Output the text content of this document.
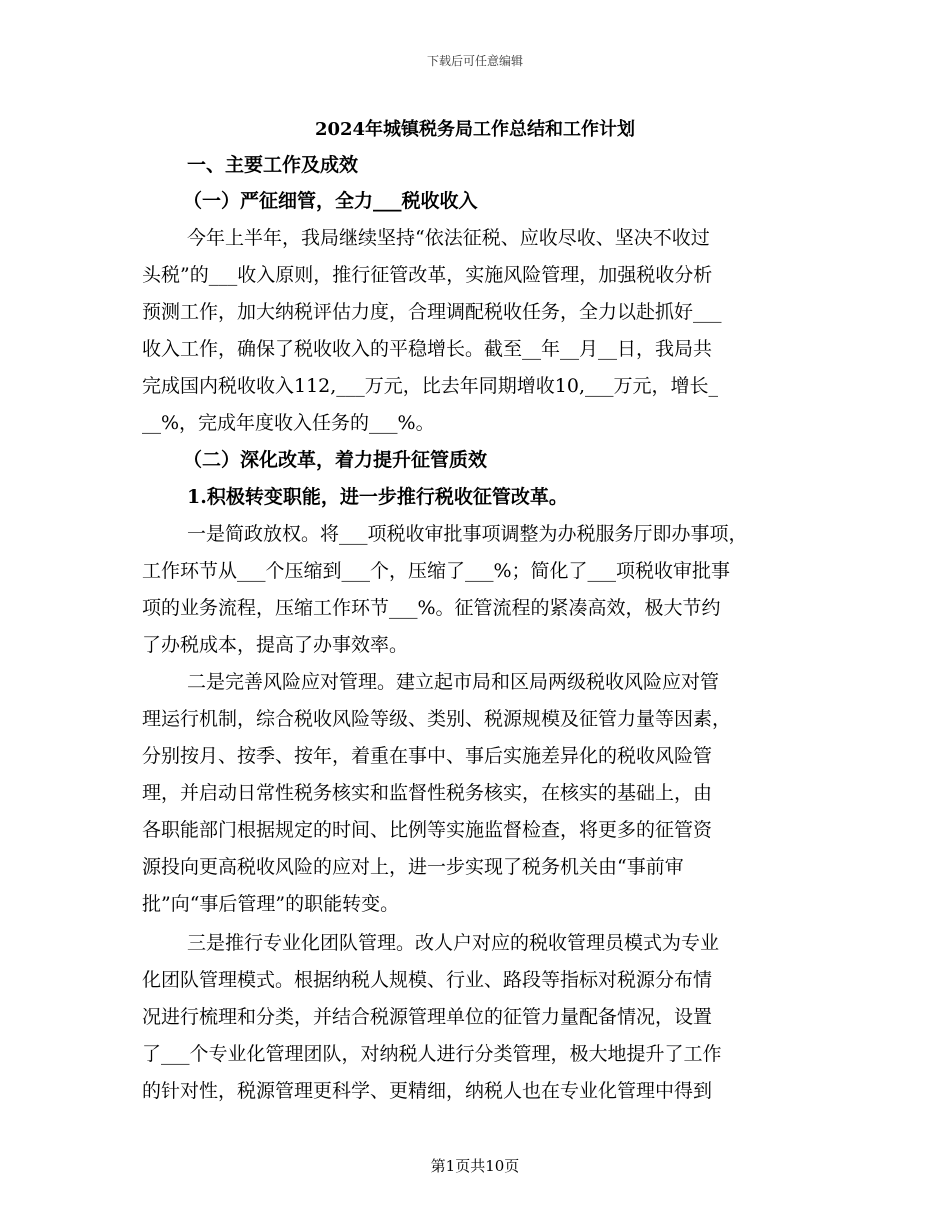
下载后可任意编辑
2024年城镇税务局工作总结和工作计划
一、主要工作及成效
（一）严征细管，全力___税收收入
今年上半年，我局继续坚持“依法征税、应收尽收、坚决不收过
头税”的___收入原则，推行征管改革，实施风险管理，加强税收分析
预测工作，加大纳税评估力度，合理调配税收任务，全力以赴抓好___
收入工作，确保了税收收入的平稳增长。截至__年__月__日，我局共
完成国内税收收入112,___万元，比去年同期增收10,___万元，增长_
__%，完成年度收入任务的___%。
（二）深化改革，着力提升征管质效
1.积极转变职能，进一步推行税收征管改革。
一是简政放权。将___项税收审批事项调整为办税服务厅即办事项，
工作环节从___个压缩到___个，压缩了___%；简化了___项税收审批事
项的业务流程，压缩工作环节___%。征管流程的紧凑高效，极大节约
了办税成本，提高了办事效率。
二是完善风险应对管理。建立起市局和区局两级税收风险应对管
理运行机制，综合税收风险等级、类别、税源规模及征管力量等因素，
分别按月、按季、按年，着重在事中、事后实施差异化的税收风险管
理，并启动日常性税务核实和监督性税务核实，在核实的基础上，由
各职能部门根据规定的时间、比例等实施监督检查，将更多的征管资
源投向更高税收风险的应对上，进一步实现了税务机关由“事前审
批”向“事后管理”的职能转变。
三是推行专业化团队管理。改人户对应的税收管理员模式为专业
化团队管理模式。根据纳税人规模、行业、路段等指标对税源分布情
况进行梳理和分类，并结合税源管理单位的征管力量配备情况，设置
了___个专业化管理团队，对纳税人进行分类管理，极大地提升了工作
的针对性，税源管理更科学、更精细，纳税人也在专业化管理中得到
第1页共10页
